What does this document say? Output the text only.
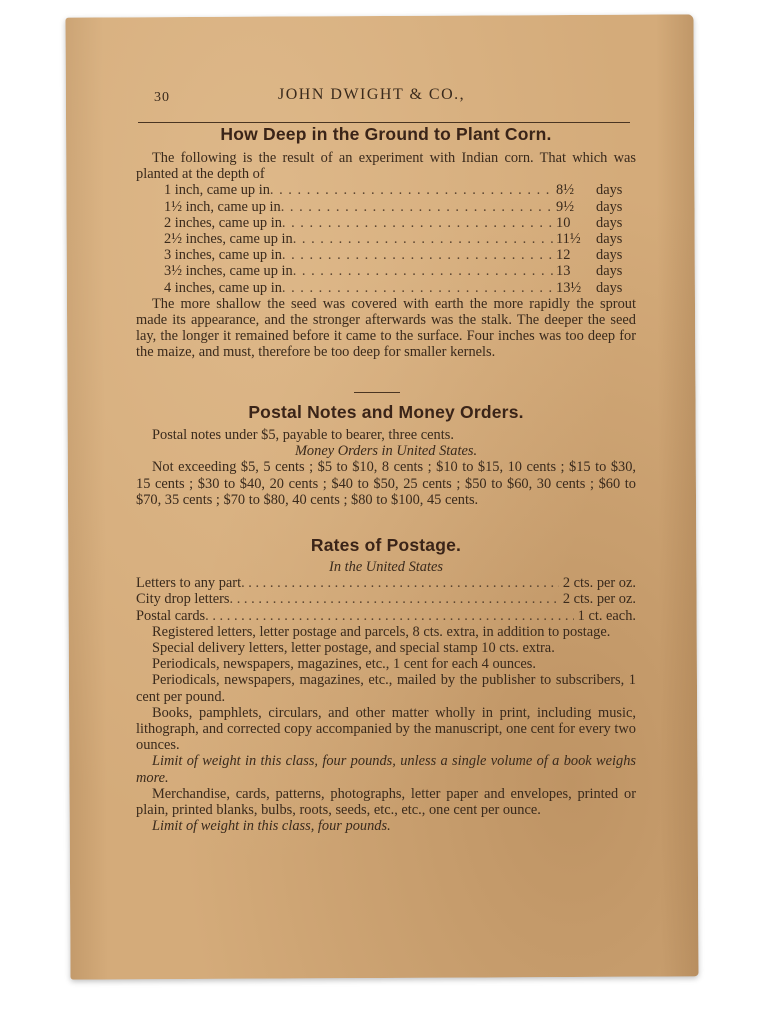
30	JOHN DWIGHT & CO.,
How Deep in the Ground to Plant Corn.
The following is the result of an experiment with Indian corn. That which was planted at the depth of
1 inch, came up in . . .	8½	days
1½ inch, came up in . . .	9½	days
2 inches, came up in . . .	10	days
2½ inches, came up in . . .	11½	days
3 inches, came up in . . .	12	days
3½ inches, came up in . . .	13	days
4 inches, came up in . . .	13½	days
The more shallow the seed was covered with earth the more rapidly the sprout made its appearance, and the stronger afterwards was the stalk. The deeper the seed lay, the longer it remained before it came to the surface. Four inches was too deep for the maize, and must, therefore be too deep for smaller kernels.
Postal Notes and Money Orders.
Postal notes under $5, payable to bearer, three cents.
Money Orders in United States.
Not exceeding $5, 5 cents ; $5 to $10, 8 cents ; $10 to $15, 10 cents ; $15 to $30, 15 cents ; $30 to $40, 20 cents ; $40 to $50, 25 cents ; $50 to $60, 30 cents ; $60 to $70, 35 cents ; $70 to $80, 40 cents ; $80 to $100, 45 cents.
Rates of Postage.
In the United States
Letters to any part . . .	2 cts. per oz.
City drop letters . . .	2 cts. per oz.
Postal cards . . .	1 ct. each.
Registered letters, letter postage and parcels, 8 cts. extra, in addition to postage.
Special delivery letters, letter postage, and special stamp 10 cts. extra.
Periodicals, newspapers, magazines, etc., 1 cent for each 4 ounces.
Periodicals, newspapers, magazines, etc., mailed by the publisher to subscribers, 1 cent per pound.
Books, pamphlets, circulars, and other matter wholly in print, including music, lithograph, and corrected copy accompanied by the manuscript, one cent for every two ounces.
Limit of weight in this class, four pounds, unless a single volume of a book weighs more.
Merchandise, cards, patterns, photographs, letter paper and envelopes, printed or plain, printed blanks, bulbs, roots, seeds, etc., etc., one cent per ounce.
Limit of weight in this class, four pounds.
